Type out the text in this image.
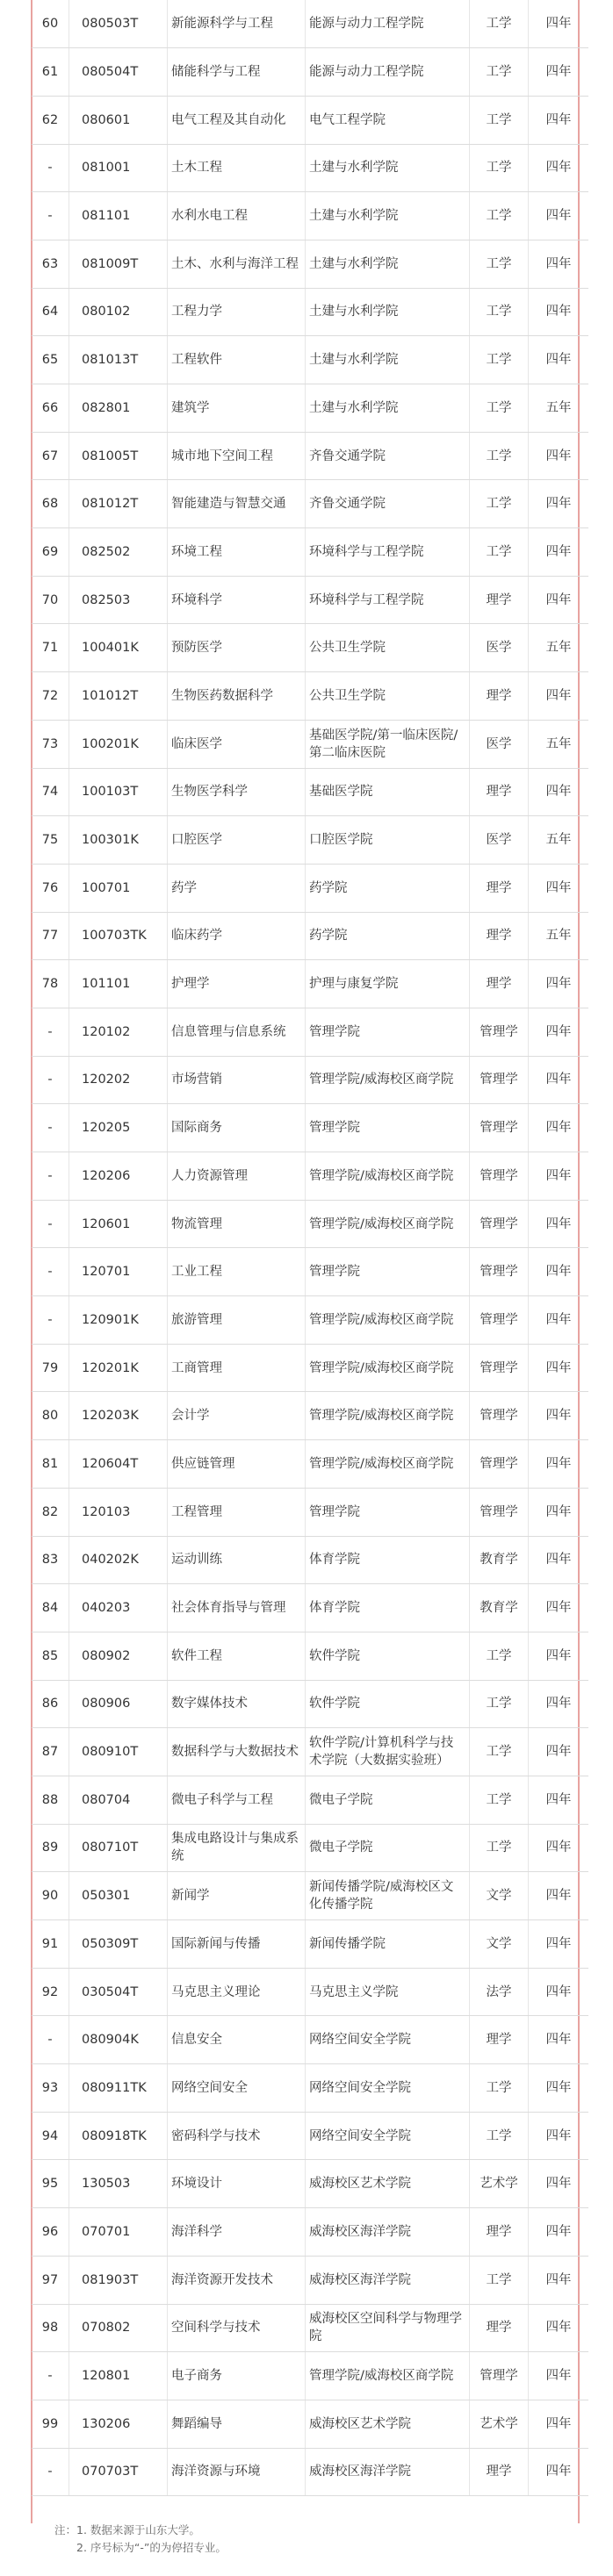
60	080503T	新能源科学与工程	能源与动力工程学院	工学	四年
61	080504T	储能科学与工程	能源与动力工程学院	工学	四年
62	080601	电气工程及其自动化	电气工程学院	工学	四年
-	081001	土木工程	土建与水利学院	工学	四年
-	081101	水利水电工程	土建与水利学院	工学	四年
63	081009T	土木、水利与海洋工程	土建与水利学院	工学	四年
64	080102	工程力学	土建与水利学院	工学	四年
65	081013T	工程软件	土建与水利学院	工学	四年
66	082801	建筑学	土建与水利学院	工学	五年
67	081005T	城市地下空间工程	齐鲁交通学院	工学	四年
68	081012T	智能建造与智慧交通	齐鲁交通学院	工学	四年
69	082502	环境工程	环境科学与工程学院	工学	四年
70	082503	环境科学	环境科学与工程学院	理学	四年
71	100401K	预防医学	公共卫生学院	医学	五年
72	101012T	生物医药数据科学	公共卫生学院	理学	四年
73	100201K	临床医学	基础医学院/第一临床医院/第二临床医院	医学	五年
74	100103T	生物医学科学	基础医学院	理学	四年
75	100301K	口腔医学	口腔医学院	医学	五年
76	100701	药学	药学院	理学	四年
77	100703TK	临床药学	药学院	理学	五年
78	101101	护理学	护理与康复学院	理学	四年
-	120102	信息管理与信息系统	管理学院	管理学	四年
-	120202	市场营销	管理学院/威海校区商学院	管理学	四年
-	120205	国际商务	管理学院	管理学	四年
-	120206	人力资源管理	管理学院/威海校区商学院	管理学	四年
-	120601	物流管理	管理学院/威海校区商学院	管理学	四年
-	120701	工业工程	管理学院	管理学	四年
-	120901K	旅游管理	管理学院/威海校区商学院	管理学	四年
79	120201K	工商管理	管理学院/威海校区商学院	管理学	四年
80	120203K	会计学	管理学院/威海校区商学院	管理学	四年
81	120604T	供应链管理	管理学院/威海校区商学院	管理学	四年
82	120103	工程管理	管理学院	管理学	四年
83	040202K	运动训练	体育学院	教育学	四年
84	040203	社会体育指导与管理	体育学院	教育学	四年
85	080902	软件工程	软件学院	工学	四年
86	080906	数字媒体技术	软件学院	工学	四年
87	080910T	数据科学与大数据技术	软件学院/计算机科学与技术学院（大数据实验班）	工学	四年
88	080704	微电子科学与工程	微电子学院	工学	四年
89	080710T	集成电路设计与集成系统	微电子学院	工学	四年
90	050301	新闻学	新闻传播学院/威海校区文化传播学院	文学	四年
91	050309T	国际新闻与传播	新闻传播学院	文学	四年
92	030504T	马克思主义理论	马克思主义学院	法学	四年
-	080904K	信息安全	网络空间安全学院	理学	四年
93	080911TK	网络空间安全	网络空间安全学院	工学	四年
94	080918TK	密码科学与技术	网络空间安全学院	工学	四年
95	130503	环境设计	威海校区艺术学院	艺术学	四年
96	070701	海洋科学	威海校区海洋学院	理学	四年
97	081903T	海洋资源开发技术	威海校区海洋学院	工学	四年
98	070802	空间科学与技术	威海校区空间科学与物理学院	理学	四年
-	120801	电子商务	管理学院/威海校区商学院	管理学	四年
99	130206	舞蹈编导	威海校区艺术学院	艺术学	四年
-	070703T	海洋资源与环境	威海校区海洋学院	理学	四年
注：1. 数据来源于山东大学。
　　2. 序号标为“-”的为停招专业。
